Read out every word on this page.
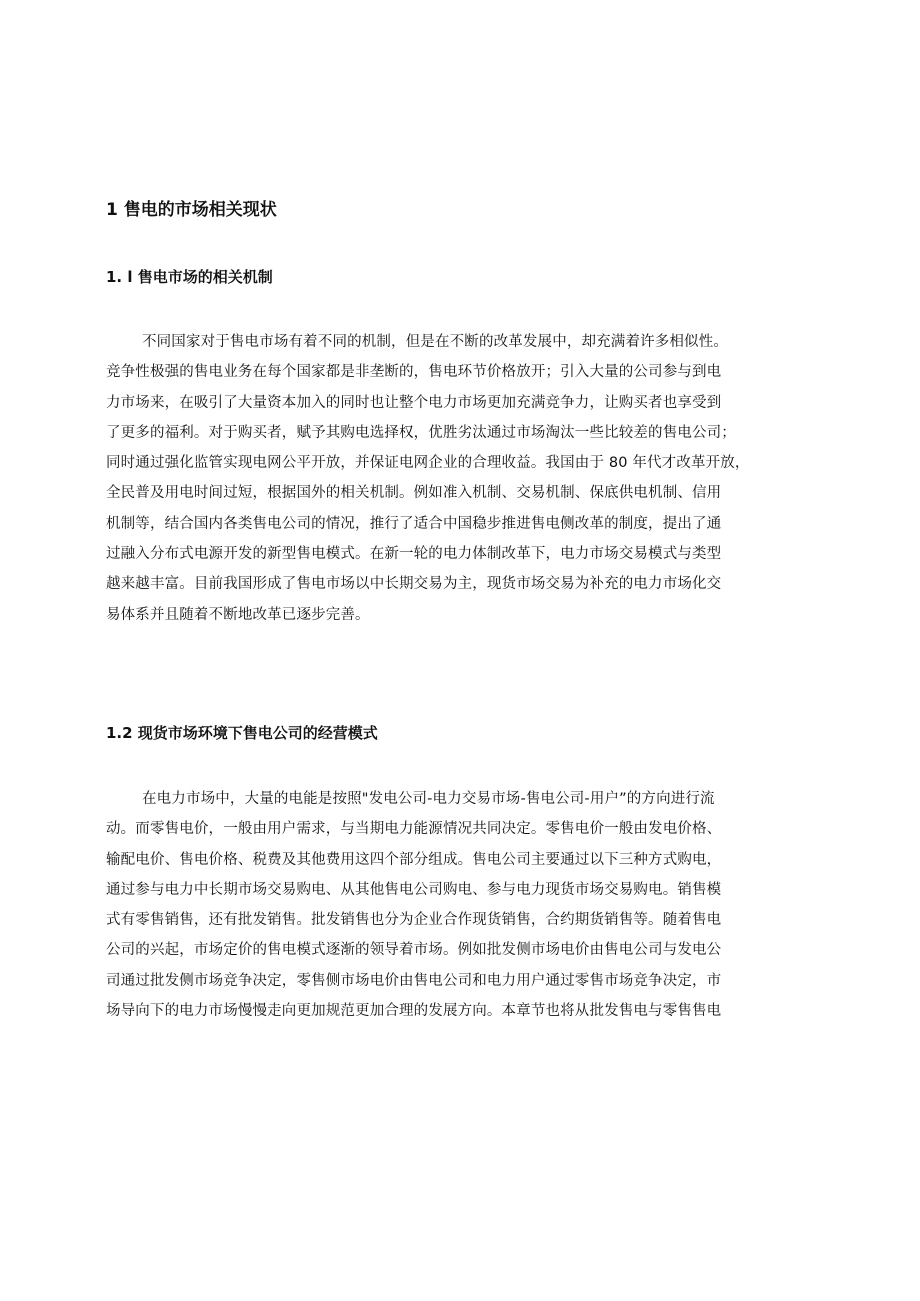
1 售电的市场相关现状
1. l 售电市场的相关机制
不同国家对于售电市场有着不同的机制，但是在不断的改革发展中，却充满着许多相似性。
竞争性极强的售电业务在每个国家都是非垄断的，售电环节价格放开；引入大量的公司参与到电
力市场来，在吸引了大量资本加入的同时也让整个电力市场更加充满竞争力，让购买者也享受到
了更多的福利。对于购买者，赋予其购电选择权，优胜劣汰通过市场淘汰一些比较差的售电公司；
同时通过强化监管实现电网公平开放，并保证电网企业的合理收益。我国由于 80 年代才改革开放，
全民普及用电时间过短，根据国外的相关机制。例如准入机制、交易机制、保底供电机制、信用
机制等，结合国内各类售电公司的情况，推行了适合中国稳步推进售电侧改革的制度，提出了通
过融入分布式电源开发的新型售电模式。在新一轮的电力体制改革下，电力市场交易模式与类型
越来越丰富。目前我国形成了售电市场以中长期交易为主，现货市场交易为补充的电力市场化交
易体系并且随着不断地改革已逐步完善。
1.2 现货市场环境下售电公司的经营模式
在电力市场中，大量的电能是按照"发电公司-电力交易市场-售电公司-用户”的方向进行流
动。而零售电价，一般由用户需求，与当期电力能源情况共同决定。零售电价一般由发电价格、
输配电价、售电价格、税费及其他费用这四个部分组成。售电公司主要通过以下三种方式购电，
通过参与电力中长期市场交易购电、从其他售电公司购电、参与电力现货市场交易购电。销售模
式有零售销售，还有批发销售。批发销售也分为企业合作现货销售，合约期货销售等。随着售电
公司的兴起，市场定价的售电模式逐渐的领导着市场。例如批发侧市场电价由售电公司与发电公
司通过批发侧市场竞争决定，零售侧市场电价由售电公司和电力用户通过零售市场竞争决定，市
场导向下的电力市场慢慢走向更加规范更加合理的发展方向。本章节也将从批发售电与零售售电
